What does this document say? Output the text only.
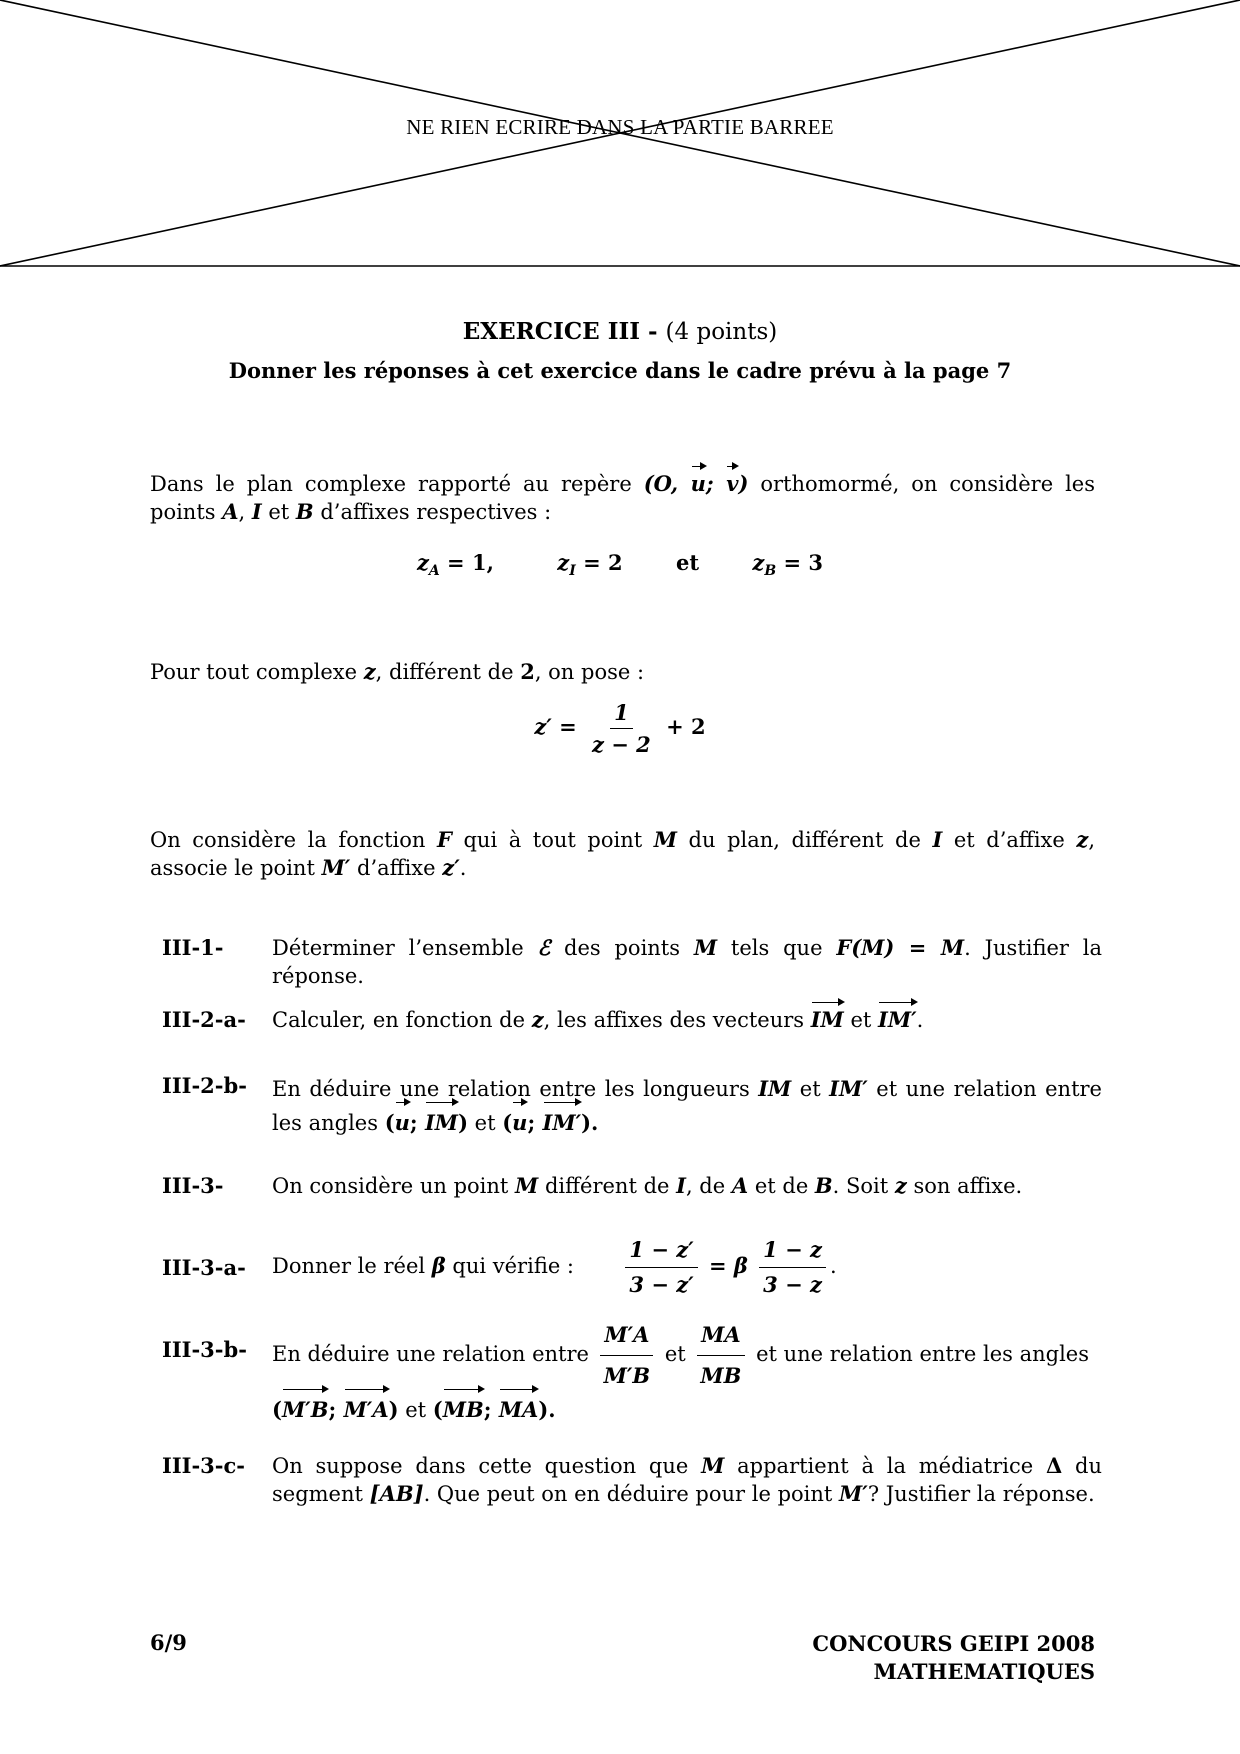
NE RIEN ECRIRE DANS LA PARTIE BARREE
EXERCICE III - (4 points)
Donner les réponses à cet exercice dans le cadre prévu à la page 7
Dans le plan complexe rapporté au repère (O, u; v) orthomormé, on considère les points A, I et B d’affixes respectives :
$z_A = 1$,	$z_I = 2$	et	$z_B = 3$
Pour tout complexe z, différent de 2, on pose :
$z' = \frac{1}{z - 2} + 2$
On considère la fonction F qui à tout point M du plan, différent de I et d’affixe z, associe le point M′ d’affixe z′.
III-1-	Déterminer l’ensemble ℰ des points M tels que F(M) = M. Justifier la réponse.
III-2-a-	Calculer, en fonction de z, les affixes des vecteurs IM et IM′.
III-2-b-	En déduire une relation entre les longueurs IM et IM′ et une relation entre les angles (u; IM) et (u; IM′).
III-3-	On considère un point M différent de I, de A et de B. Soit z son affixe.
III-3-a-	Donner le réel β qui vérifie : $\frac{1 - z'}{3 - z'} = \beta \frac{1 - z}{3 - z}$ .
III-3-b-	En déduire une relation entre $\frac{M'A}{M'B}$ et $\frac{MA}{MB}$ et une relation entre les angles
(M′B; M′A) et (MB; MA).
III-3-c-	On suppose dans cette question que M appartient à la médiatrice Δ du segment [AB]. Que peut on en déduire pour le point M′? Justifier la réponse.
6/9	CONCOURS GEIPI 2008
MATHEMATIQUES
